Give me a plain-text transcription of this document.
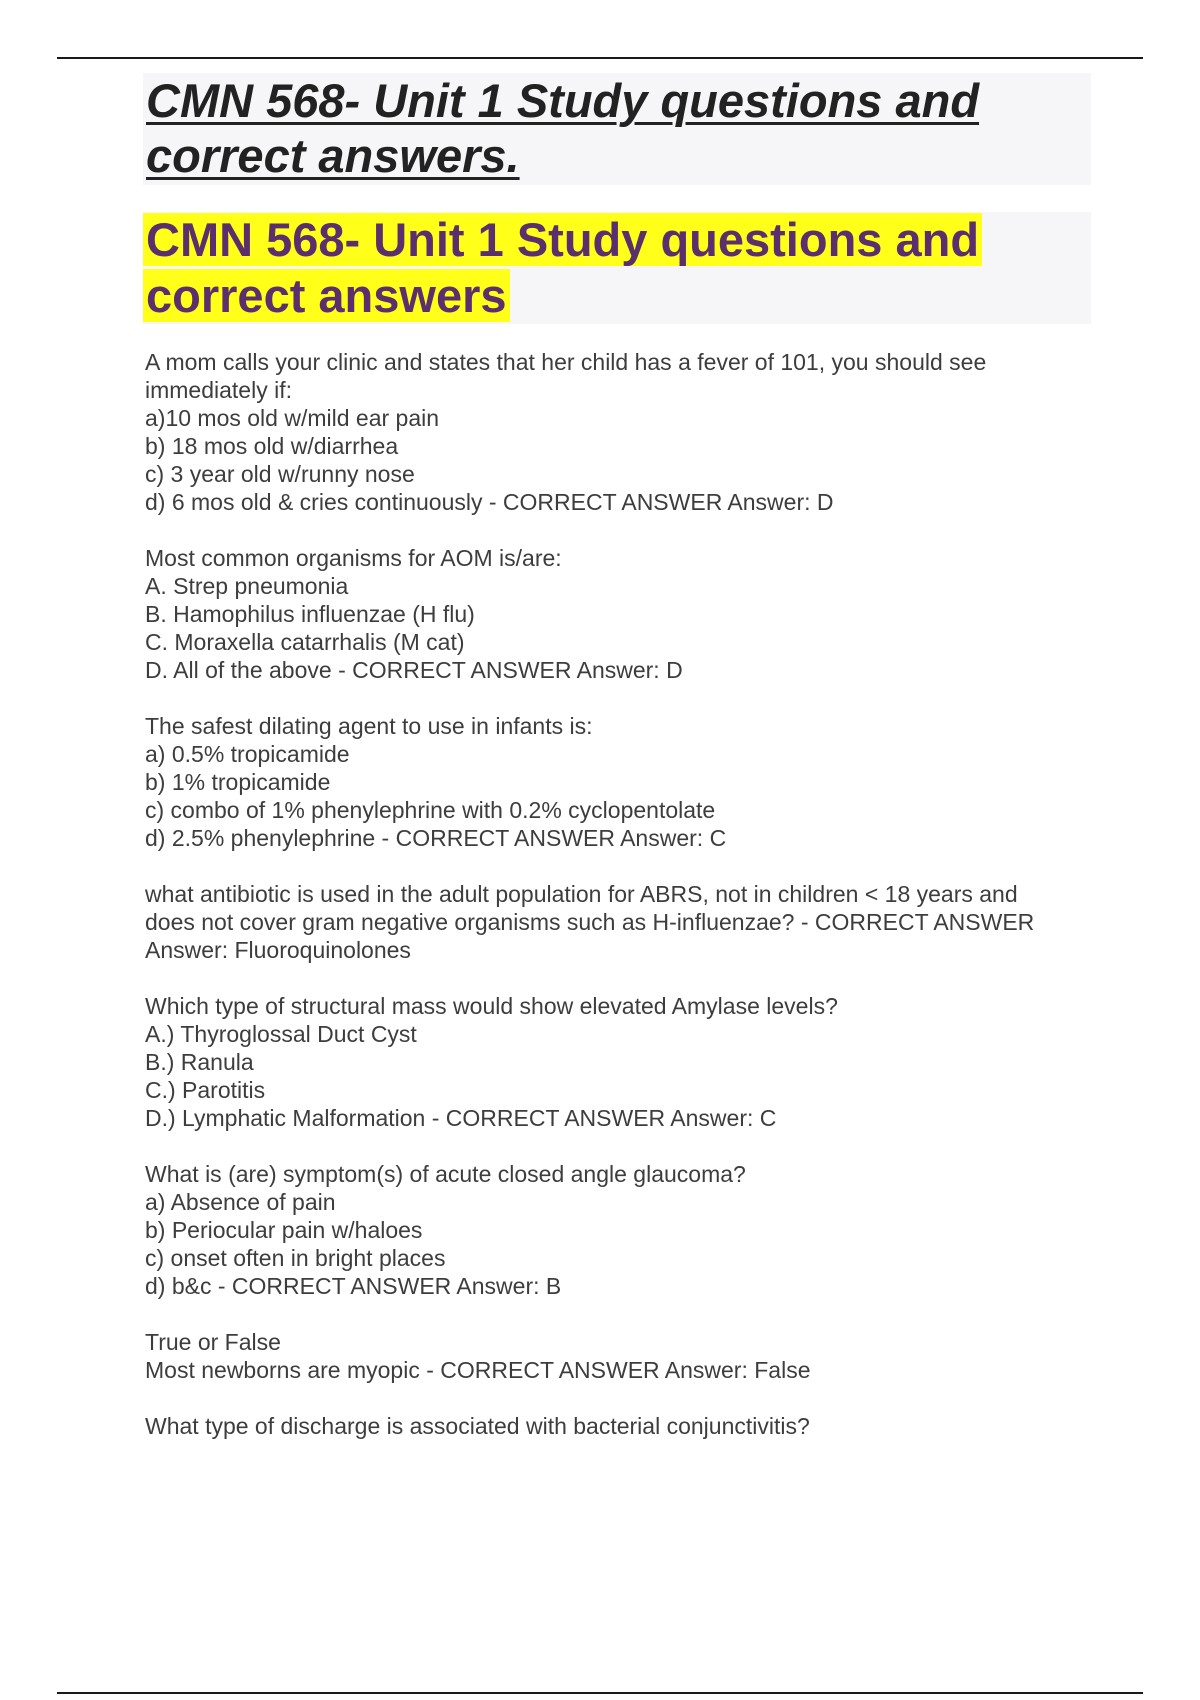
CMN 568- Unit 1 Study questions and correct answers.
CMN 568- Unit 1 Study questions and correct answers
A mom calls your clinic and states that her child has a fever of 101, you should see
immediately if:
a)10 mos old w/mild ear pain
b) 18 mos old w/diarrhea
c) 3 year old w/runny nose
d) 6 mos old & cries continuously - CORRECT ANSWER Answer: D
Most common organisms for AOM is/are:
A. Strep pneumonia
B. Hamophilus influenzae (H flu)
C. Moraxella catarrhalis (M cat)
D. All of the above - CORRECT ANSWER Answer: D
The safest dilating agent to use in infants is:
a) 0.5% tropicamide
b) 1% tropicamide
c) combo of 1% phenylephrine with 0.2% cyclopentolate
d) 2.5% phenylephrine - CORRECT ANSWER Answer: C
what antibiotic is used in the adult population for ABRS, not in children < 18 years and
does not cover gram negative organisms such as H-influenzae? - CORRECT ANSWER
Answer: Fluoroquinolones
Which type of structural mass would show elevated Amylase levels?
A.) Thyroglossal Duct Cyst
B.) Ranula
C.) Parotitis
D.) Lymphatic Malformation - CORRECT ANSWER Answer: C
What is (are) symptom(s) of acute closed angle glaucoma?
a) Absence of pain
b) Periocular pain w/haloes
c) onset often in bright places
d) b&c - CORRECT ANSWER Answer: B
True or False
Most newborns are myopic - CORRECT ANSWER Answer: False
What type of discharge is associated with bacterial conjunctivitis?
